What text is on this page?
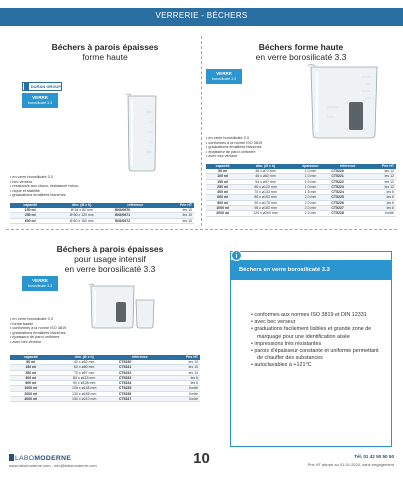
VERRERIE - BÉCHERS
Béchers à parois épaisses
forme haute
DURAN GROUP
VERRE
borosilicaté 3.3
• en verre borosilicaté 3.3
• bec verseur
• résistance aux chocs, résistance méca-
• nique et stabilité
• graduations émaillées blanches
capacité	dim. (Ø x h)	référence	Prix HT
150 ml	Ø 54 x 80 mm	BIG/0670	les 10
250 ml	Ø 60 x 120 mm	BIG/0671	les 10
600 ml	Ø 80 x 150 mm	BIG/0672	les 10
Béchers forme haute
en verre borosilicaté 3.3
VERRE
borosilicaté 3.3
• en verre borosilicaté 3.3
• conformes à la norme ISO 3819
• graduations émaillées blanches
• épaisseur de paroi uniforme
• avec bec verseur
capacité	dim. (Ø x h)	épaisseur	référence	Prix HT
50 ml	38 x ø72 mm	1.0 mm	CT5220	les 12
100 ml	48 x ø82 mm	1.0 mm	CT5221	les 12
150 ml	54 x ø97 mm	1.0 mm	CT5222	les 12
250 ml	60 x ø123 mm	1.0 mm	CT5223	les 12
400 ml	70 x ø133 mm	1.5 mm	CT5224	les 6
600 ml	80 x ø153 mm	2.0 mm	CT5225	les 6
800 ml	90 x ø175 mm	2.0 mm	CT5226	les 6
1000 ml	95 x ø183 mm	2.0 mm	CT5227	les 6
2000 ml	120 x ø264 mm	2.3 mm	CT5228	l'unité
Béchers à parois épaisses
pour usage intensif
en verre borosilicaté 3.3
VERRE
borosilicaté 3.3
• en verre borosilicaté 3.3
• forme basse
• conformes à la norme ISO 3819
• graduations émaillées blanches
• épaisseur de paroi uniforme
• avec bec verseur
capacité	dim. (Ø x h)	référence	Prix HT
50 ml	42 x ø52 mm	CT5230	les 10
150 ml	60 x ø80 mm	CT5231	les 10
250 ml	70 x ø97 mm	CT5232	les 10
400 ml	80 x ø113 mm	CT5233	les 6
600 ml	90 x ø128 mm	CT5234	les 6
1000 ml	105 x ø148 mm	CT5235	l'unité
2000 ml	130 x ø185 mm	CT5236	l'unité
4000 ml	150 x ø210 mm	CT5237	l'unité
Béchers en verre borosilicaté 3.3
• conformes aux normes ISO 3819 et DIN 12331
• avec bec verseur
• graduations facilement lisibles et grande zone de marquage pour une identification aisée
• impressions très résistantes
• parois d'épaisseur constante et uniforme permettant de chauffer des substances
• autoclavables à +121°C
i
LABOMODERNE
www.labomoderne.com - info@labomoderne.com	10	Tél. 01 42 50 50 50
Prix HT départ au 01.01.2024, sans engagement
